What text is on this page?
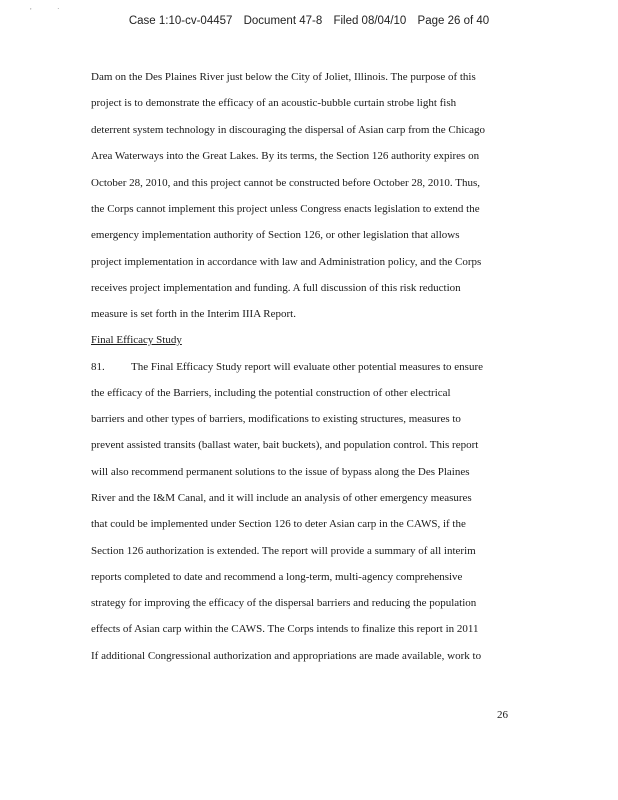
, .
Case 1:10-cv-04457 Document 47-8 Filed 08/04/10 Page 26 of 40
Dam on the Des Plaines River just below the City of Joliet, Illinois. The purpose of this
project is to demonstrate the efficacy of an acoustic-bubble curtain strobe light fish
deterrent system technology in discouraging the dispersal of Asian carp from the Chicago
Area Waterways into the Great Lakes. By its terms, the Section 126 authority expires on
October 28, 2010, and this project cannot be constructed before October 28, 2010. Thus,
the Corps cannot implement this project unless Congress enacts legislation to extend the
emergency implementation authority of Section 126, or other legislation that allows
project implementation in accordance with law and Administration policy, and the Corps
receives project implementation and funding. A full discussion of this risk reduction
measure is set forth in the Interim IIIA Report.
Final Efficacy Study
81. The Final Efficacy Study report will evaluate other potential measures to ensure
the efficacy of the Barriers, including the potential construction of other electrical
barriers and other types of barriers, modifications to existing structures, measures to
prevent assisted transits (ballast water, bait buckets), and population control. This report
will also recommend permanent solutions to the issue of bypass along the Des Plaines
River and the I&M Canal, and it will include an analysis of other emergency measures
that could be implemented under Section 126 to deter Asian carp in the CAWS, if the
Section 126 authorization is extended. The report will provide a summary of all interim
reports completed to date and recommend a long-term, multi-agency comprehensive
strategy for improving the efficacy of the dispersal barriers and reducing the population
effects of Asian carp within the CAWS. The Corps intends to finalize this report in 2011
If additional Congressional authorization and appropriations are made available, work to
26
